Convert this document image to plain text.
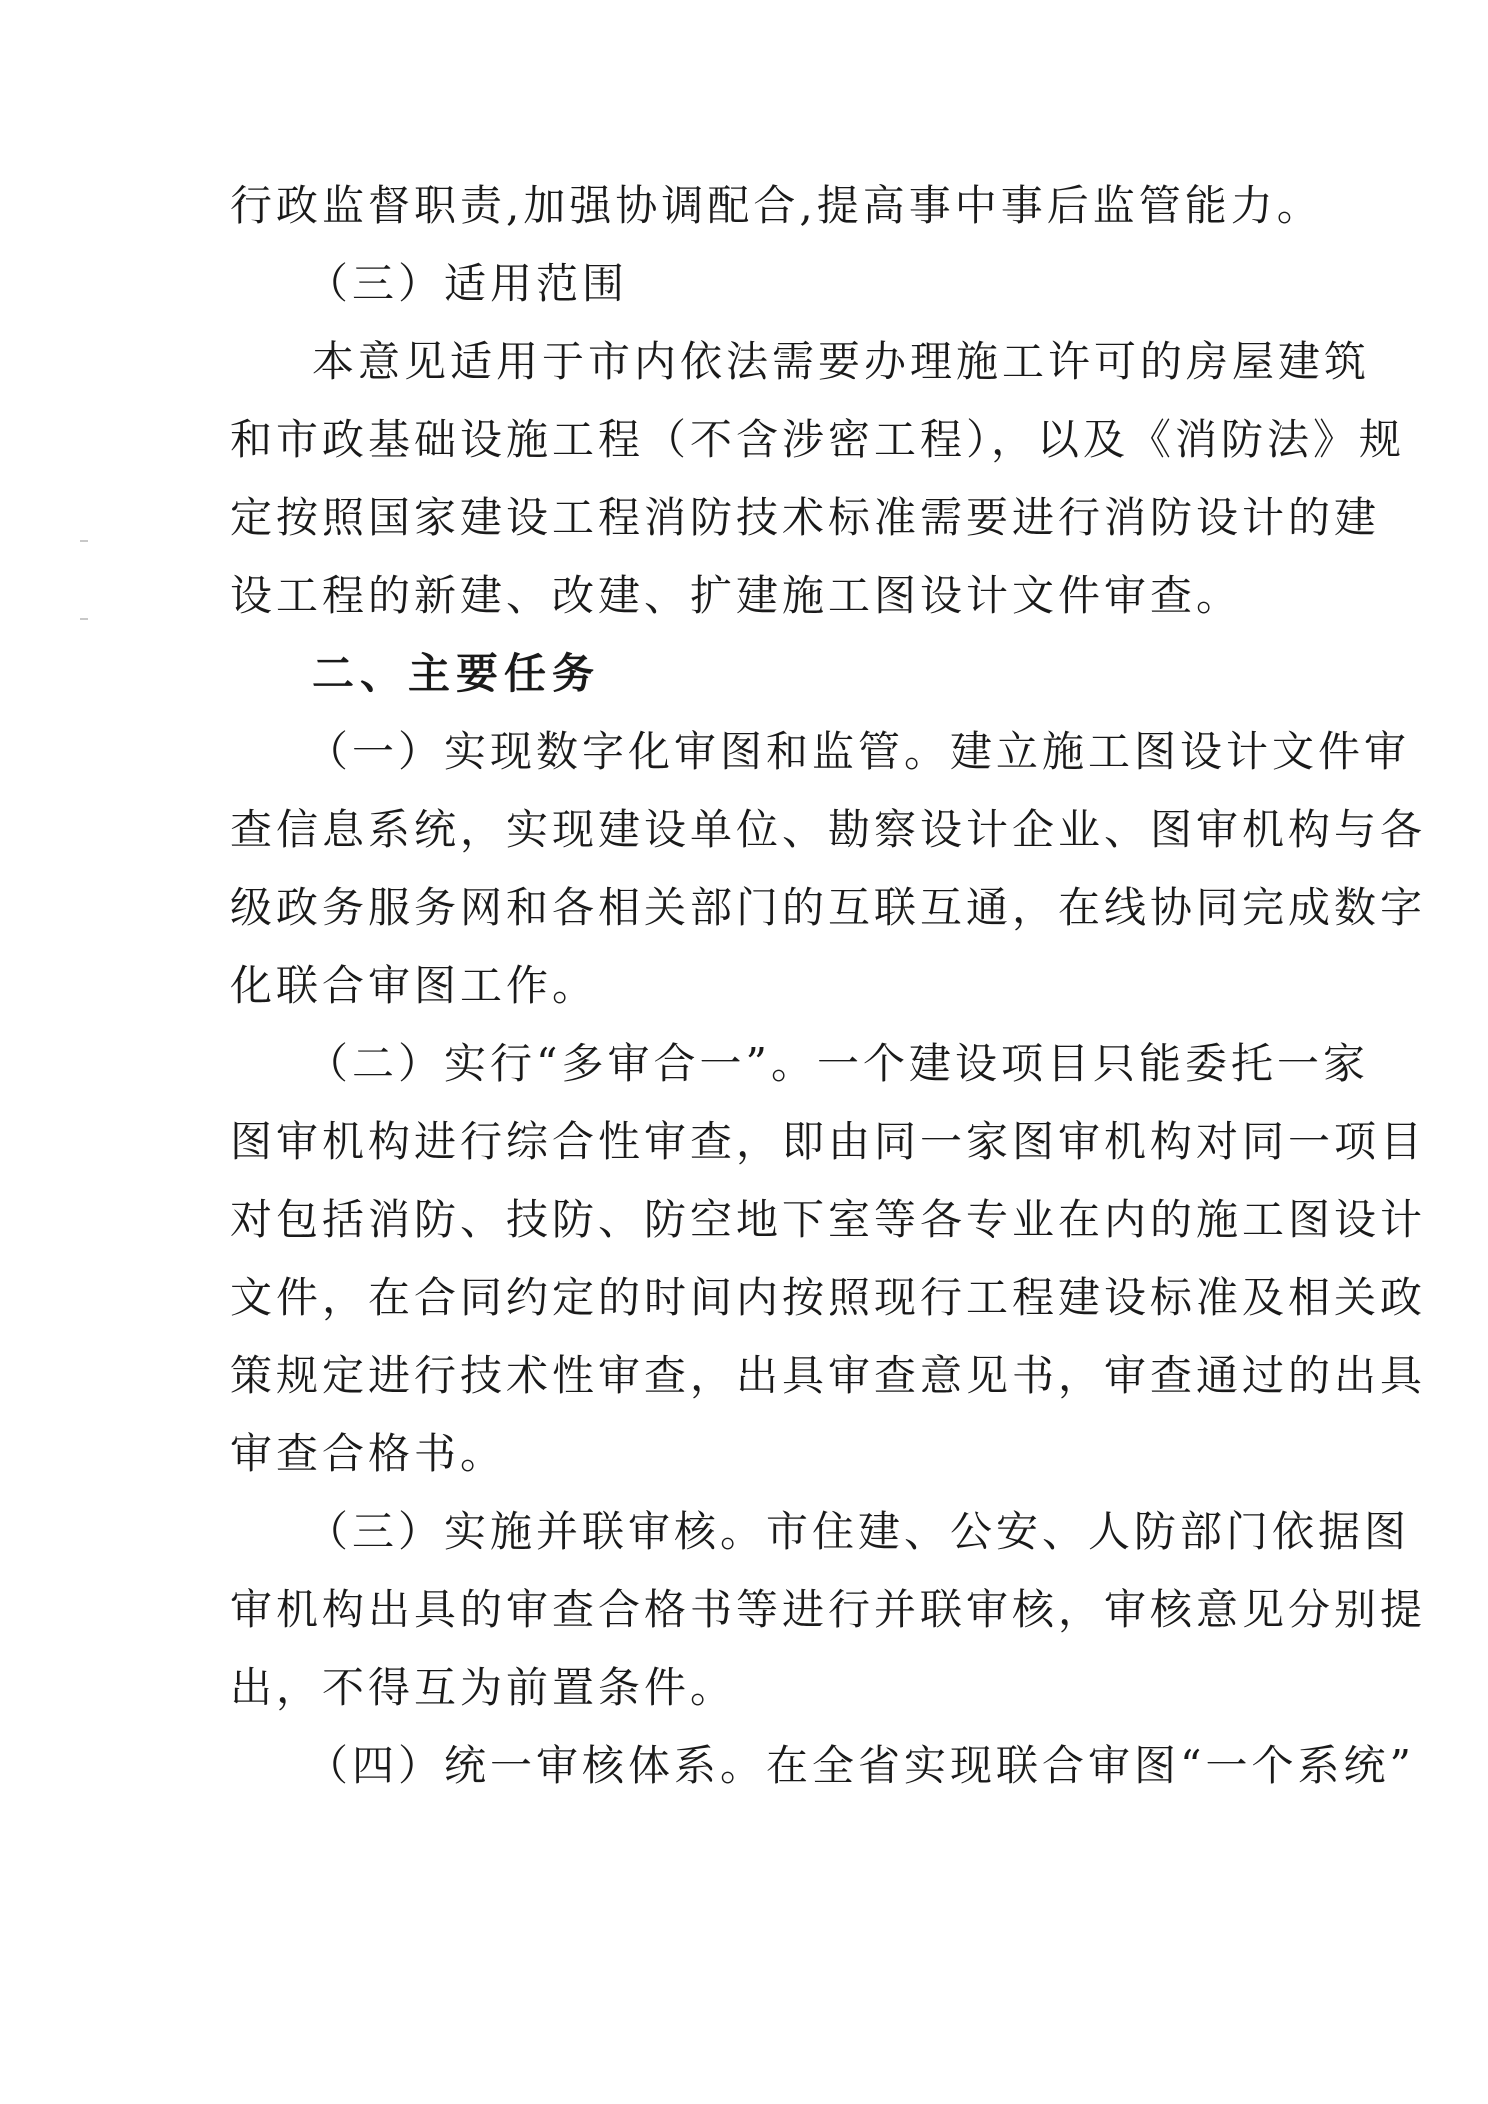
行政监督职责,加强协调配合,提高事中事后监管能力。
（三）适用范围
本意见适用于市内依法需要办理施工许可的房屋建筑
和市政基础设施工程（不含涉密工程），以及《消防法》规
定按照国家建设工程消防技术标准需要进行消防设计的建
设工程的新建、改建、扩建施工图设计文件审查。
二、主要任务
（一）实现数字化审图和监管。建立施工图设计文件审
查信息系统，实现建设单位、勘察设计企业、图审机构与各
级政务服务网和各相关部门的互联互通，在线协同完成数字
化联合审图工作。
（二）实行“多审合一”。一个建设项目只能委托一家
图审机构进行综合性审查，即由同一家图审机构对同一项目
对包括消防、技防、防空地下室等各专业在内的施工图设计
文件，在合同约定的时间内按照现行工程建设标准及相关政
策规定进行技术性审查，出具审查意见书，审查通过的出具
审查合格书。
（三）实施并联审核。市住建、公安、人防部门依据图
审机构出具的审查合格书等进行并联审核，审核意见分别提
出，不得互为前置条件。
（四）统一审核体系。在全省实现联合审图“一个系统”
